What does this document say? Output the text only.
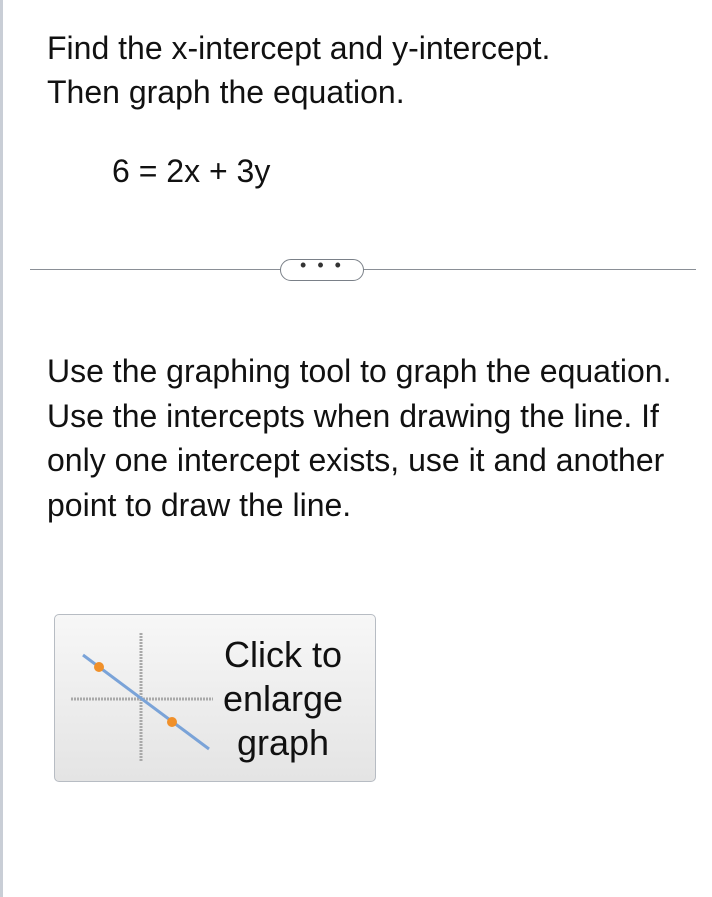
Find the x-intercept and y-intercept.
Then graph the equation.

6 = 2x + 3y
• • •

Use the graphing tool to graph the equation. Use the intercepts when drawing the line. If only one intercept exists, use it and another point to draw the line.

Click to
enlarge
graph
